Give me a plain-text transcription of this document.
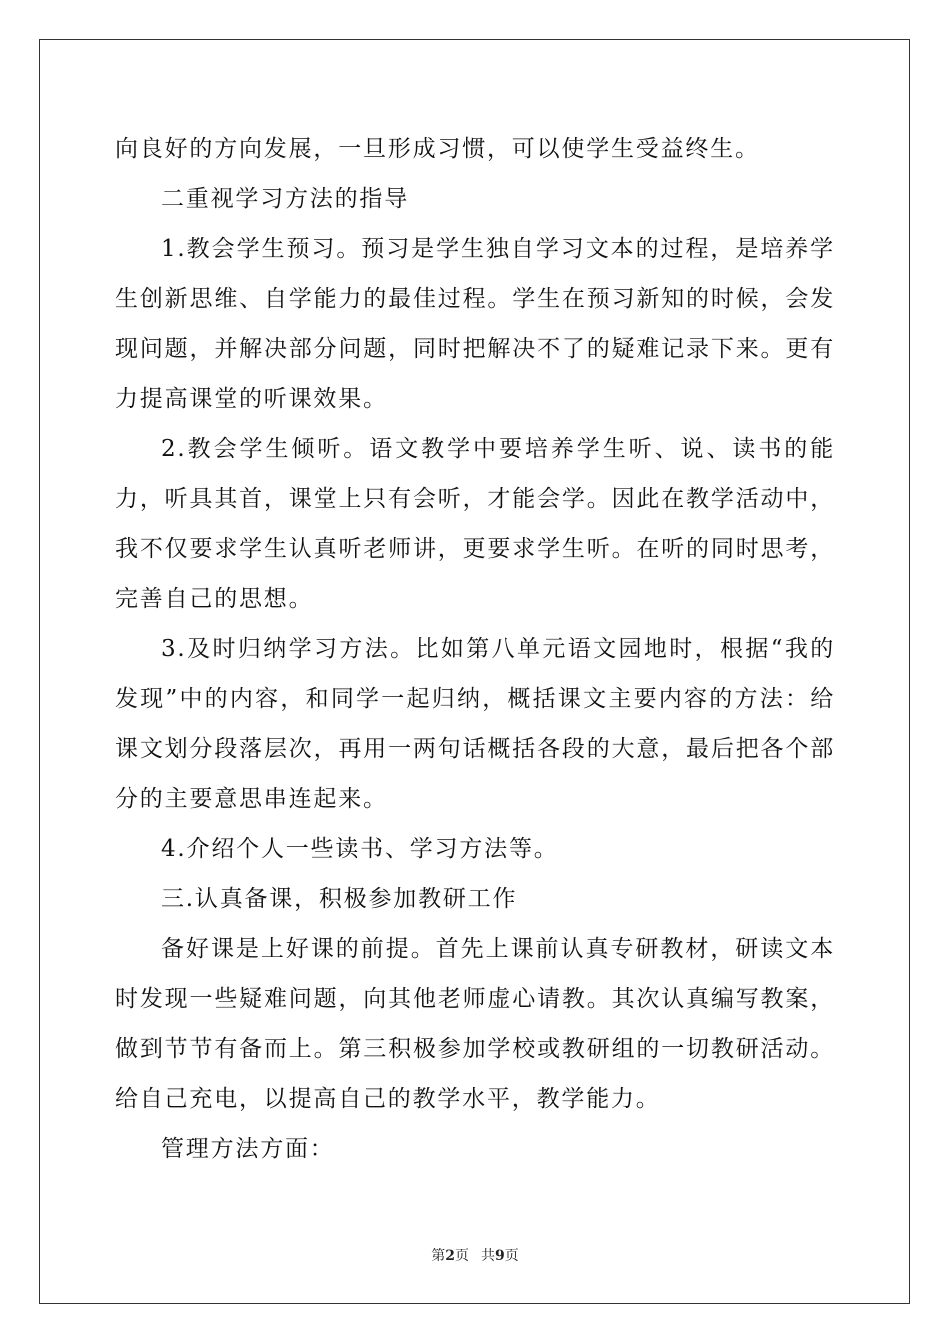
向良好的方向发展，一旦形成习惯，可以使学生受益终生。

二重视学习方法的指导

1.教会学生预习。预习是学生独自学习文本的过程，是培养学生创新思维、自学能力的最佳过程。学生在预习新知的时候，会发现问题，并解决部分问题，同时把解决不了的疑难记录下来。更有力提高课堂的听课效果。

2.教会学生倾听。语文教学中要培养学生听、说、读书的能力，听具其首，课堂上只有会听，才能会学。因此在教学活动中，我不仅要求学生认真听老师讲，更要求学生听。在听的同时思考，完善自己的思想。

3.及时归纳学习方法。比如第八单元语文园地时，根据“我的发现”中的内容，和同学一起归纳，概括课文主要内容的方法：给课文划分段落层次，再用一两句话概括各段的大意，最后把各个部分的主要意思串连起来。

4.介绍个人一些读书、学习方法等。

三.认真备课，积极参加教研工作

备好课是上好课的前提。首先上课前认真专研教材，研读文本时发现一些疑难问题，向其他老师虚心请教。其次认真编写教案，做到节节有备而上。第三积极参加学校或教研组的一切教研活动。给自己充电，以提高自己的教学水平，教学能力。

管理方法方面：

第2页 共9页
